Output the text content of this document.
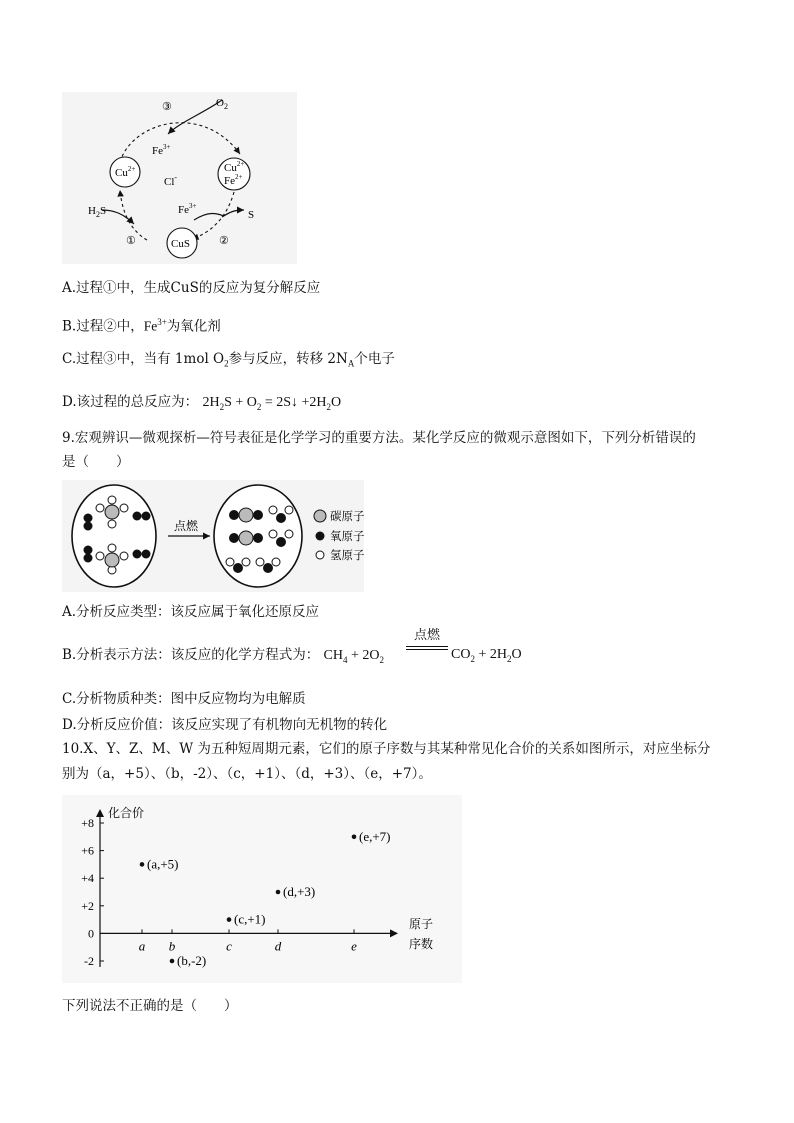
③	$O_2$
$Fe^{3+}$
Cl-
$Cu^{2+}$	$Cu^{2+}$
$Fe^{2+}$
$Fe^{3+}$
S
$H_2S$
①	②
CuS
A.过程①中，生成CuS的反应为复分解反应
B.过程②中，$Fe^{3+}$为氧化剂
C.过程③中，当有 1mol $O_2$参与反应，转移 $2N_A$个电子
D.该过程的总反应为： $2H_2S + O_2$ = 2S↓ $+2H_2O$
9.宏观辨识—微观探析—符号表征是化学学习的重要方法。某化学反应的微观示意图如下，下列分析错误的
是（　　）
点燃
碳原子
氧原子
氢原子
A.分析反应类型：该反应属于氧化还原反应
B.分析表示方法：该反应的化学方程式为： $CH_4 + 2O_2$
点燃
$CO_2 + 2H_2O$
C.分析物质种类：图中反应物均为电解质
D.分析反应价值：该反应实现了有机物向无机物的转化
10.X、Y、Z、M、W 为五种短周期元素，它们的原子序数与其某种常见化合价的关系如图所示，对应坐标分
别为（a，+5）、（b，-2）、（c，+1）、（d，+3）、（e，+7）。
化合价
原子
序数
+8
+6
+4
+2
0
-2
a b	c	d	e
(a,+5)
(b,-2)
(c,+1)
(d,+3)
(e,+7)
下列说法不正确的是（　　）
